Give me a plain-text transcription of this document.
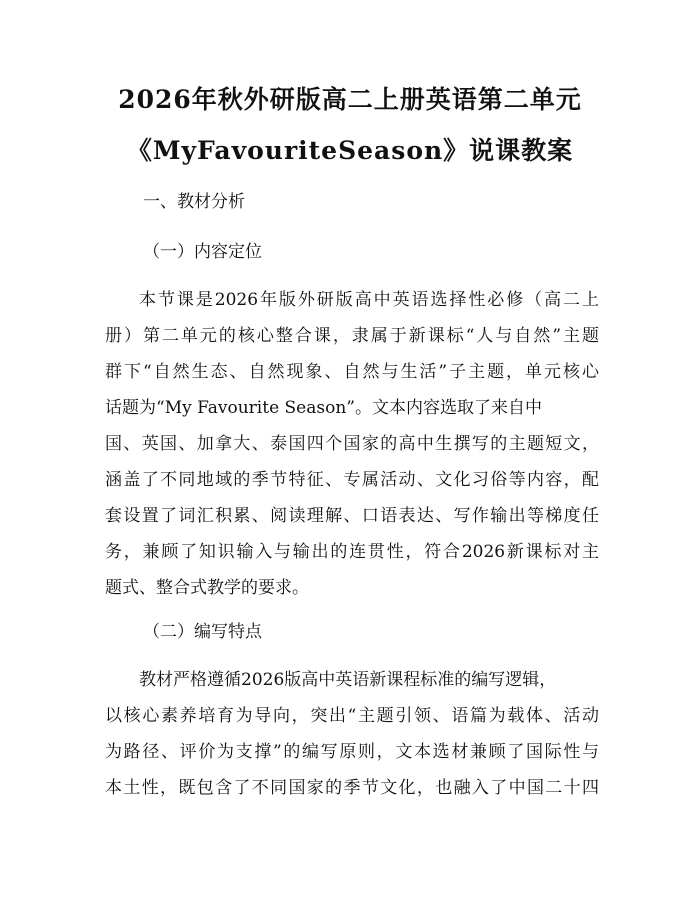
2026年秋外研版高二上册英语第二单元
《MyFavouriteSeason》说课教案
一、教材分析
（一）内容定位
本节课是2026年版外研版高中英语选择性必修（高二上
册）第二单元的核心整合课，隶属于新课标“人与自然”主题
群下“自然生态、自然现象、自然与生活”子主题，单元核心
话题为“My Favourite Season”。文本内容选取了来自中
国、英国、加拿大、泰国四个国家的高中生撰写的主题短文，
涵盖了不同地域的季节特征、专属活动、文化习俗等内容，配
套设置了词汇积累、阅读理解、口语表达、写作输出等梯度任
务，兼顾了知识输入与输出的连贯性，符合2026新课标对主
题式、整合式教学的要求。
（二）编写特点
教材严格遵循2026版高中英语新课程标准的编写逻辑，
以核心素养培育为导向，突出“主题引领、语篇为载体、活动
为路径、评价为支撑”的编写原则，文本选材兼顾了国际性与
本土性，既包含了不同国家的季节文化，也融入了中国二十四
